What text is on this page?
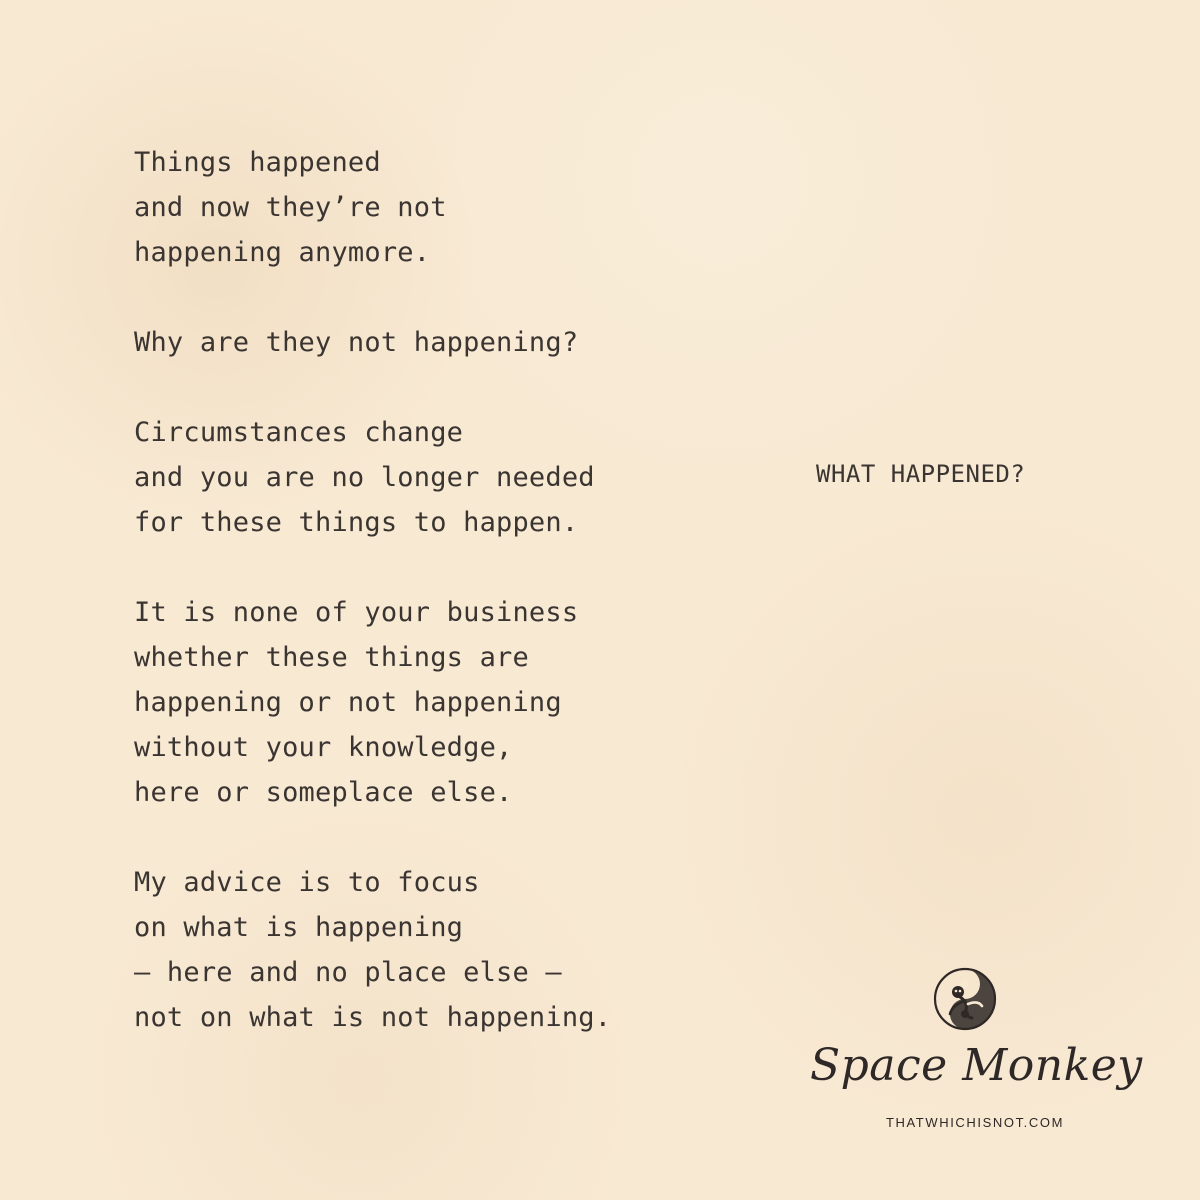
Things happened
and now they’re not
happening anymore.
Why are they not happening?
Circumstances change
and you are no longer needed
for these things to happen.
It is none of your business
whether these things are
happening or not happening
without your knowledge,
here or someplace else.
My advice is to focus
on what is happening
— here and no place else —
not on what is not happening.
WHAT HAPPENED?
Space Monkey
THATWHICHISNOT.COM
